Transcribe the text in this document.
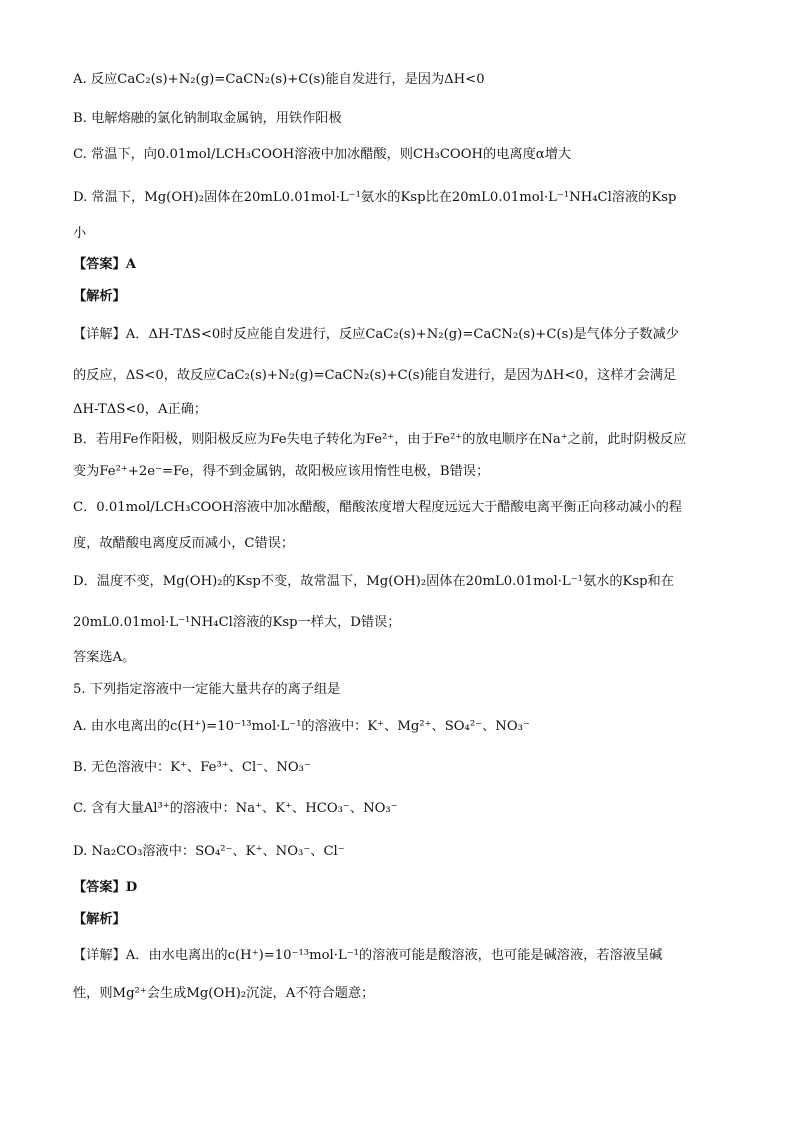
A. 反应CaC₂(s)+N₂(g)=CaCN₂(s)+C(s)能自发进行，是因为ΔH<0
B. 电解熔融的氯化钠制取金属钠，用铁作阳极
C. 常温下，向0.01mol/LCH₃COOH溶液中加冰醋酸，则CH₃COOH的电离度α增大
D. 常温下，Mg(OH)₂固体在20mL0.01mol·L⁻¹氨水的Ksp比在20mL0.01mol·L⁻¹NH₄Cl溶液的Ksp
小
【答案】A
【解析】
【详解】A．ΔH-TΔS<0时反应能自发进行，反应CaC₂(s)+N₂(g)=CaCN₂(s)+C(s)是气体分子数减少
的反应，ΔS<0，故反应CaC₂(s)+N₂(g)=CaCN₂(s)+C(s)能自发进行，是因为ΔH<0，这样才会满足
ΔH-TΔS<0，A正确；
B．若用Fe作阳极，则阳极反应为Fe失电子转化为Fe²⁺，由于Fe²⁺的放电顺序在Na⁺之前，此时阴极反应
变为Fe²⁺+2e⁻=Fe，得不到金属钠，故阳极应该用惰性电极，B错误；
C．0.01mol/LCH₃COOH溶液中加冰醋酸，醋酸浓度增大程度远远大于醋酸电离平衡正向移动减小的程
度，故醋酸电离度反而减小，C错误；
D．温度不变，Mg(OH)₂的Ksp不变，故常温下，Mg(OH)₂固体在20mL0.01mol·L⁻¹氨水的Ksp和在
20mL0.01mol·L⁻¹NH₄Cl溶液的Ksp一样大，D错误；
答案选A。
5. 下列指定溶液中一定能大量共存的离子组是
A. 由水电离出的c(H⁺)=10⁻¹³mol·L⁻¹的溶液中：K⁺、Mg²⁺、SO₄²⁻、NO₃⁻
B. 无色溶液中：K⁺、Fe³⁺、Cl⁻、NO₃⁻
C. 含有大量Al³⁺的溶液中：Na⁺、K⁺、HCO₃⁻、NO₃⁻
D. Na₂CO₃溶液中：SO₄²⁻、K⁺、NO₃⁻、Cl⁻
【答案】D
【解析】
【详解】A．由水电离出的c(H⁺)=10⁻¹³mol·L⁻¹的溶液可能是酸溶液，也可能是碱溶液，若溶液呈碱
性，则Mg²⁺会生成Mg(OH)₂沉淀，A不符合题意；
